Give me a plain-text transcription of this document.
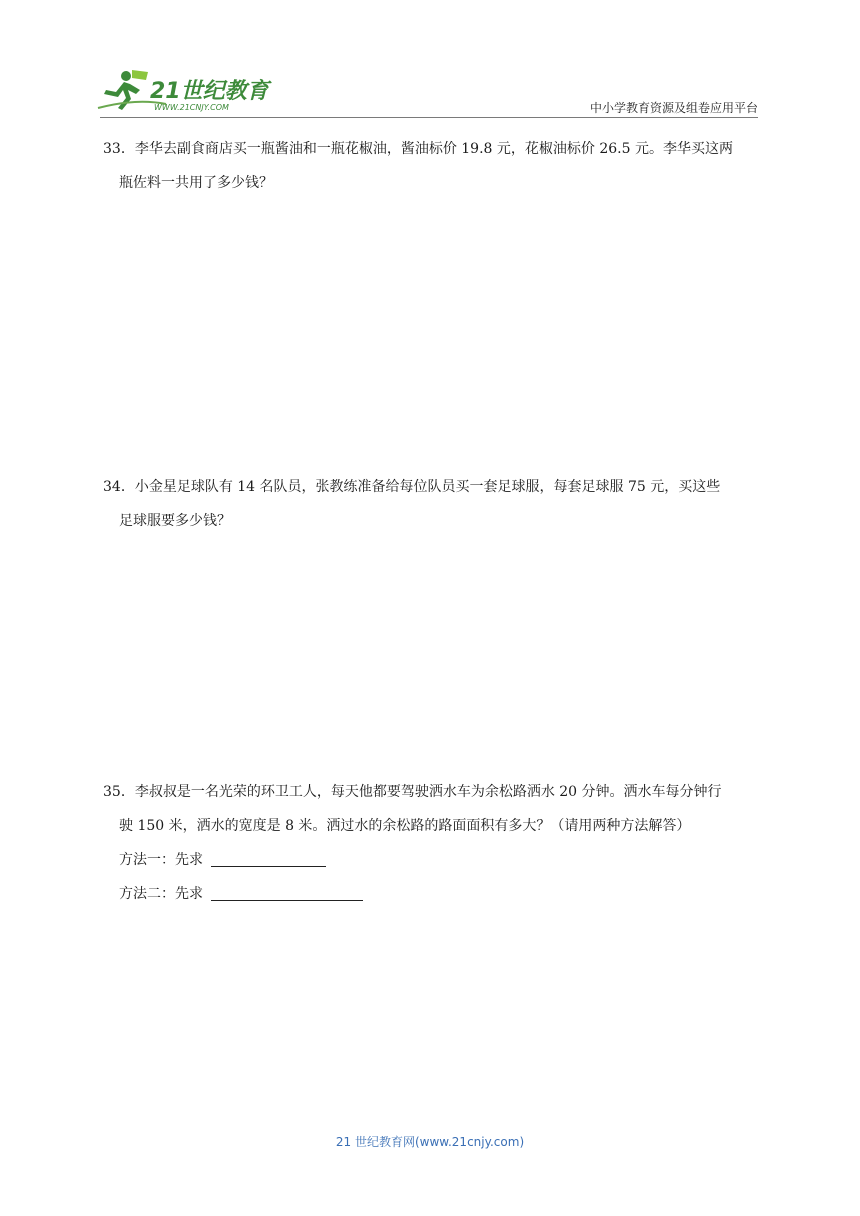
21世纪教育
WWW.21CNJY.COM	中小学教育资源及组卷应用平台
33．李华去副食商店买一瓶酱油和一瓶花椒油，酱油标价 19.8 元，花椒油标价 26.5 元。李华买这两
瓶佐料一共用了多少钱？
34．小金星足球队有 14 名队员，张教练准备给每位队员买一套足球服，每套足球服 75 元，买这些
足球服要多少钱？
35．李叔叔是一名光荣的环卫工人，每天他都要驾驶洒水车为余松路洒水 20 分钟。洒水车每分钟行
驶 150 米，洒水的宽度是 8 米。洒过水的余松路的路面面积有多大？（请用两种方法解答）
方法一：先求
方法二：先求
21 世纪教育网(www.21cnjy.com)
